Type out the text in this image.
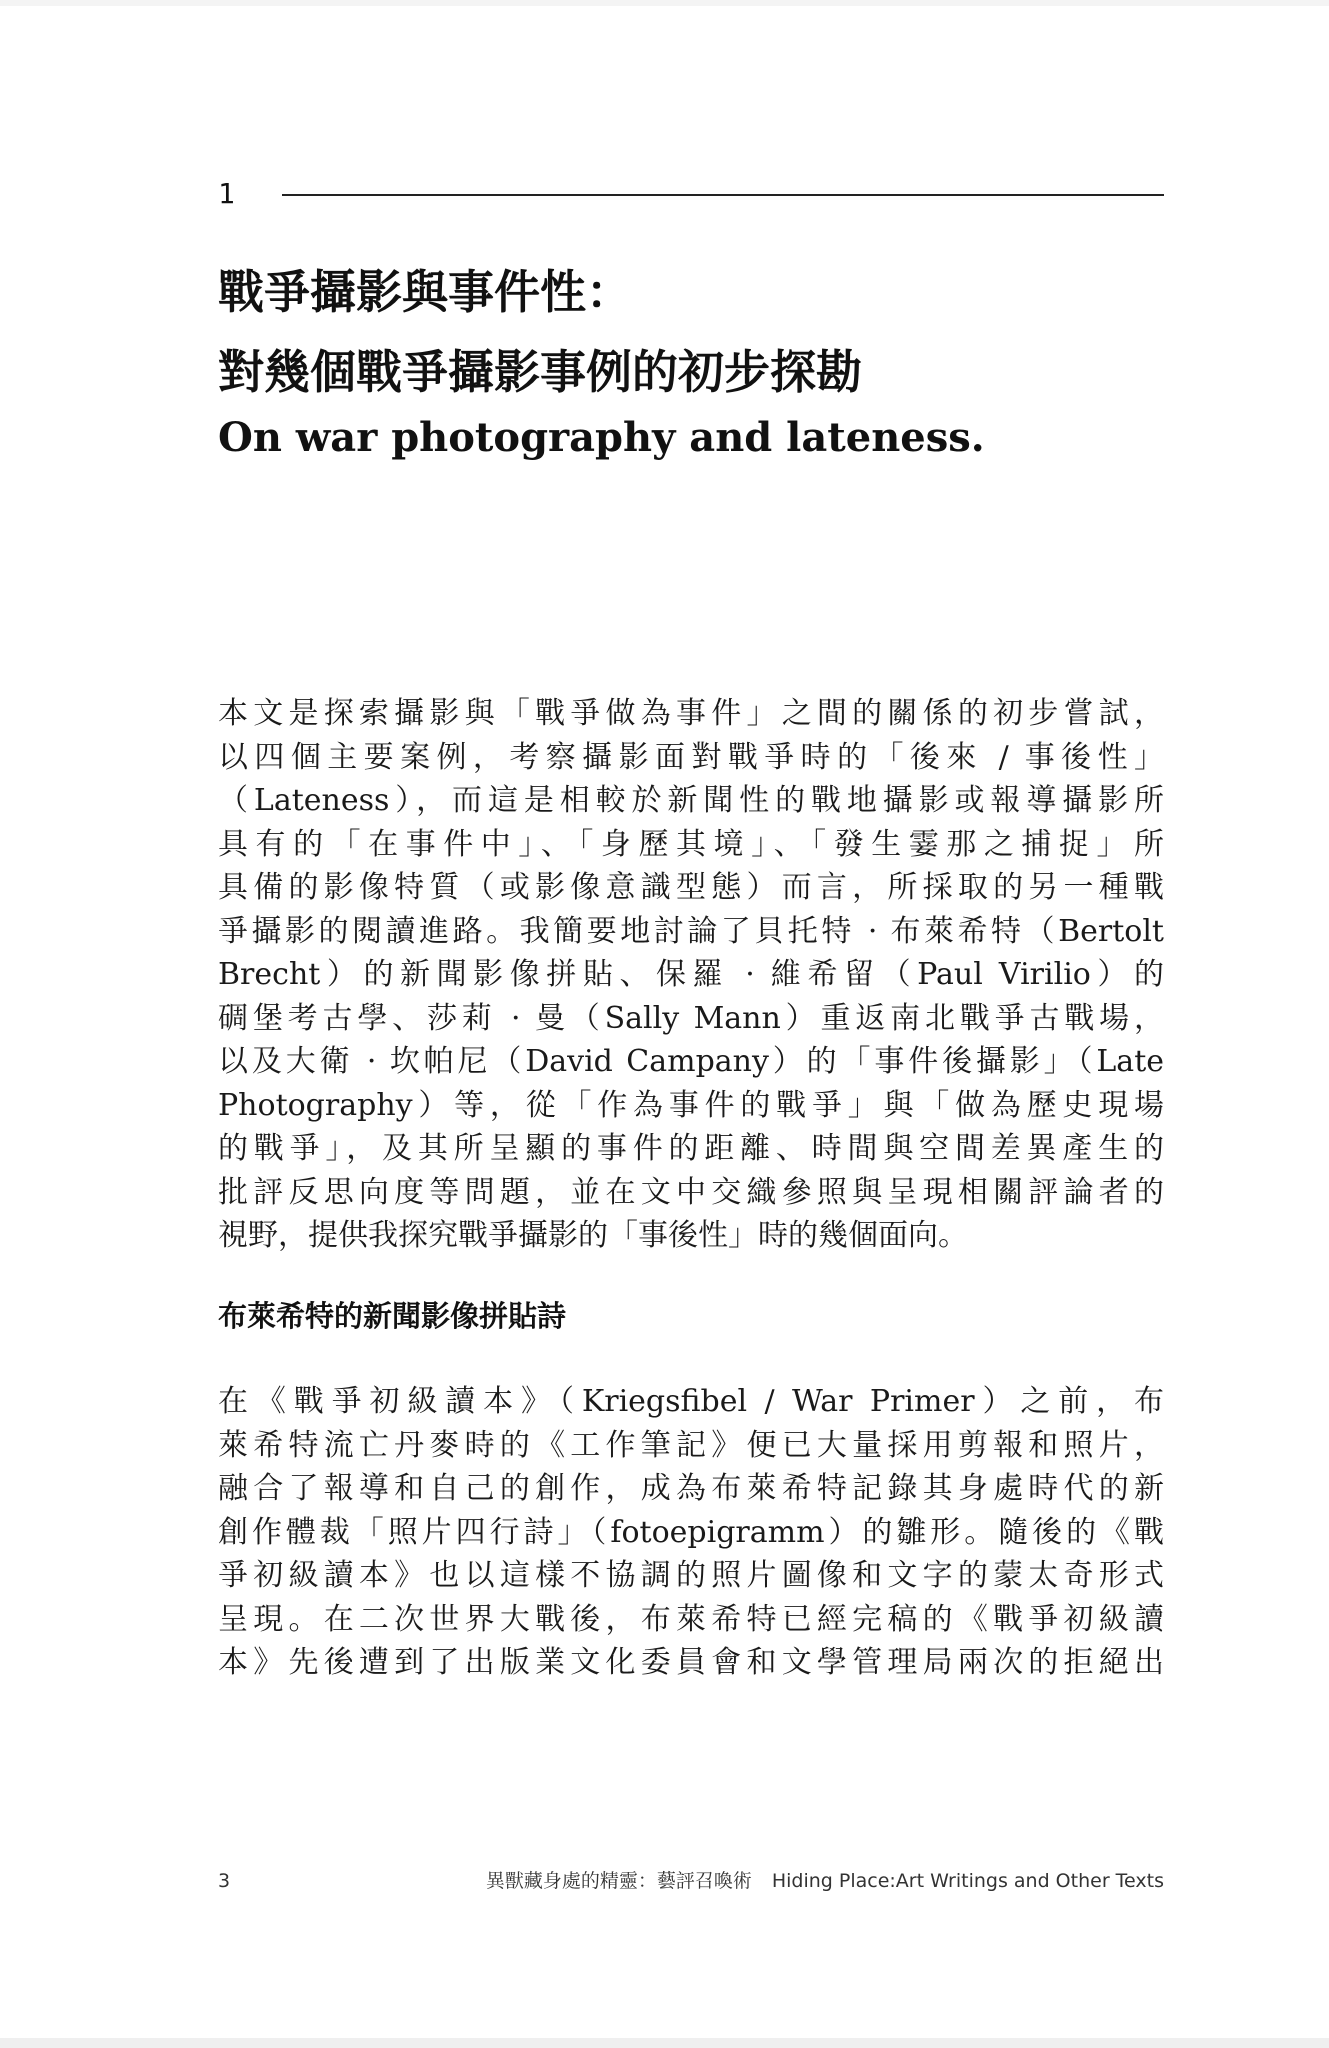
1
戰爭攝影與事件性：
對幾個戰爭攝影事例的初步探勘
On war photography and lateness.

本文是探索攝影與「戰爭做為事件」之間的關係的初步嘗試，
以四個主要案例，考察攝影面對戰爭時的「後來 / 事後性」
（Lateness），而這是相較於新聞性的戰地攝影或報導攝影所
具有的「在事件中」、「身歷其境」、「發生霎那之捕捉」所
具備的影像特質（或影像意識型態）而言，所採取的另一種戰
爭攝影的閱讀進路。我簡要地討論了貝托特 · 布萊希特（Bertolt
Brecht）的新聞影像拼貼、保羅 · 維希留（Paul Virilio）的
碉堡考古學、莎莉 · 曼（Sally Mann）重返南北戰爭古戰場，
以及大衛 · 坎帕尼（David Campany）的「事件後攝影」（Late
Photography）等，從「作為事件的戰爭」與「做為歷史現場
的戰爭」，及其所呈顯的事件的距離、時間與空間差異產生的
批評反思向度等問題，並在文中交織參照與呈現相關評論者的
視野，提供我探究戰爭攝影的「事後性」時的幾個面向。

布萊希特的新聞影像拼貼詩

在《戰爭初級讀本》（Kriegsfibel / War Primer）之前，布
萊希特流亡丹麥時的《工作筆記》便已大量採用剪報和照片，
融合了報導和自己的創作，成為布萊希特記錄其身處時代的新
創作體裁「照片四行詩」（fotoepigramm）的雛形。隨後的《戰
爭初級讀本》也以這樣不協調的照片圖像和文字的蒙太奇形式
呈現。在二次世界大戰後，布萊希特已經完稿的《戰爭初級讀
本》先後遭到了出版業文化委員會和文學管理局兩次的拒絕出

3	異獸藏身處的精靈：藝評召喚術 Hiding Place:Art Writings and Other Texts
